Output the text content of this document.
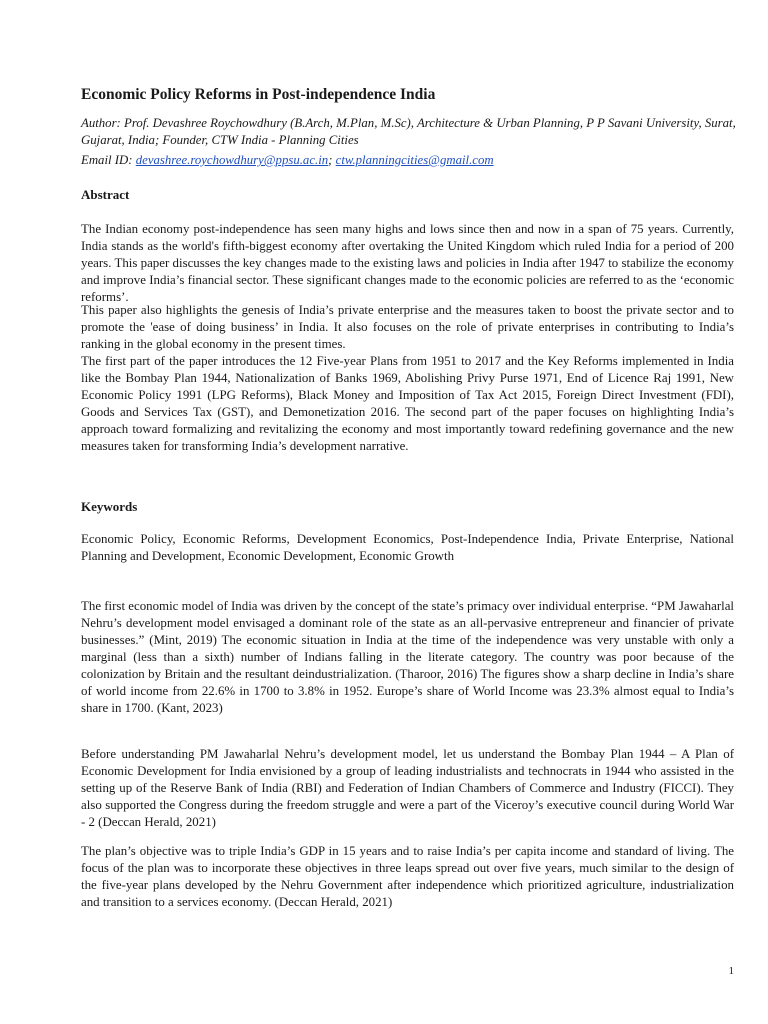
Economic Policy Reforms in Post-independence India

Author: Prof. Devashree Roychowdhury (B.Arch, M.Plan, M.Sc), Architecture & Urban Planning, P P Savani University, Surat, Gujarat, India; Founder, CTW India - Planning Cities

Email ID: devashree.roychowdhury@ppsu.ac.in; ctw.planningcities@gmail.com

Abstract

The Indian economy post-independence has seen many highs and lows since then and now in a span of 75 years. Currently, India stands as the world's fifth-biggest economy after overtaking the United Kingdom which ruled India for a period of 200 years. This paper discusses the key changes made to the existing laws and policies in India after 1947 to stabilize the economy and improve India’s financial sector. These significant changes made to the economic policies are referred to as the ‘economic reforms’.

This paper also highlights the genesis of India’s private enterprise and the measures taken to boost the private sector and to promote the 'ease of doing business’ in India. It also focuses on the role of private enterprises in contributing to India’s ranking in the global economy in the present times.

The first part of the paper introduces the 12 Five-year Plans from 1951 to 2017 and the Key Reforms implemented in India like the Bombay Plan 1944, Nationalization of Banks 1969, Abolishing Privy Purse 1971, End of Licence Raj 1991, New Economic Policy 1991 (LPG Reforms), Black Money and Imposition of Tax Act 2015, Foreign Direct Investment (FDI), Goods and Services Tax (GST), and Demonetization 2016. The second part of the paper focuses on highlighting India’s approach toward formalizing and revitalizing the economy and most importantly toward redefining governance and the new measures taken for transforming India’s development narrative.

Keywords

Economic Policy, Economic Reforms, Development Economics, Post-Independence India, Private Enterprise, National Planning and Development, Economic Development, Economic Growth

The first economic model of India was driven by the concept of the state’s primacy over individual enterprise. “PM Jawaharlal Nehru’s development model envisaged a dominant role of the state as an all-pervasive entrepreneur and financier of private businesses.” (Mint, 2019) The economic situation in India at the time of the independence was very unstable with only a marginal (less than a sixth) number of Indians falling in the literate category. The country was poor because of the colonization by Britain and the resultant deindustrialization. (Tharoor, 2016) The figures show a sharp decline in India’s share of world income from 22.6% in 1700 to 3.8% in 1952. Europe’s share of World Income was 23.3% almost equal to India’s share in 1700. (Kant, 2023)

Before understanding PM Jawaharlal Nehru’s development model, let us understand the Bombay Plan 1944 – A Plan of Economic Development for India envisioned by a group of leading industrialists and technocrats in 1944 who assisted in the setting up of the Reserve Bank of India (RBI) and Federation of Indian Chambers of Commerce and Industry (FICCI). They also supported the Congress during the freedom struggle and were a part of the Viceroy’s executive council during World War - 2 (Deccan Herald, 2021)

The plan’s objective was to triple India’s GDP in 15 years and to raise India’s per capita income and standard of living. The focus of the plan was to incorporate these objectives in three leaps spread out over five years, much similar to the design of the five-year plans developed by the Nehru Government after independence which prioritized agriculture, industrialization and transition to a services economy. (Deccan Herald, 2021)

1
